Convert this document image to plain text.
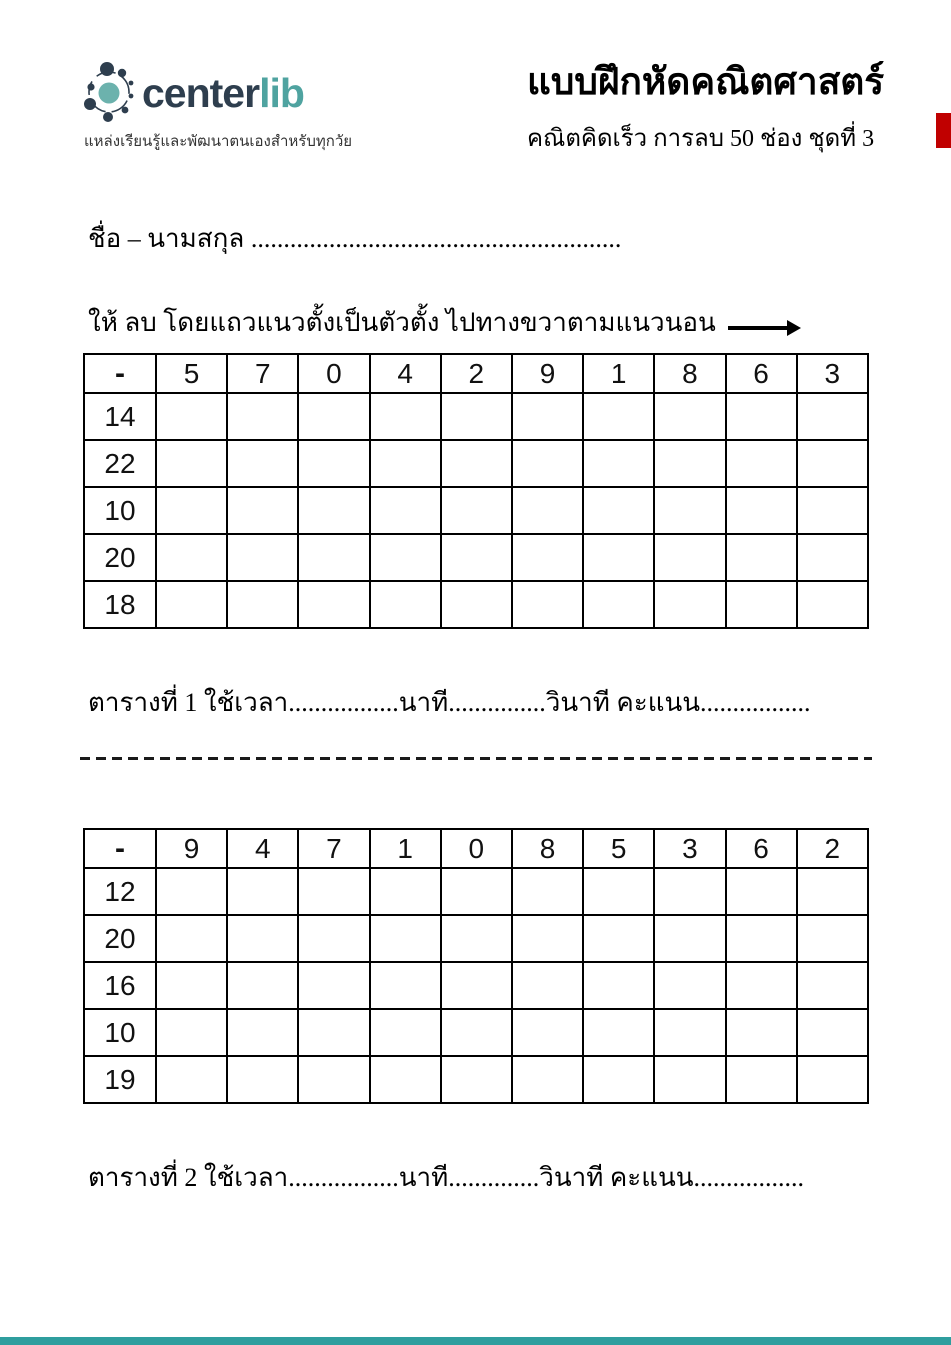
centerlib
แหล่งเรียนรู้และพัฒนาตนเองสำหรับทุกวัย
แบบฝึกหัดคณิตศาสตร์
คณิตคิดเร็ว การลบ 50 ช่อง ชุดที่ 3
ชื่อ – นามสกุล .........................................................
ให้ ลบ โดยแถวแนวตั้งเป็นตัวตั้ง ไปทางขวาตามแนวนอน
-	5	7	0	4	2	9	1	8	6	3
14										
22										
10										
20										
18										
ตารางที่ 1 ใช้เวลา.................นาที...............วินาที คะแนน.................
-	9	4	7	1	0	8	5	3	6	2
12										
20										
16										
10										
19										
ตารางที่ 2 ใช้เวลา.................นาที..............วินาที คะแนน.................
